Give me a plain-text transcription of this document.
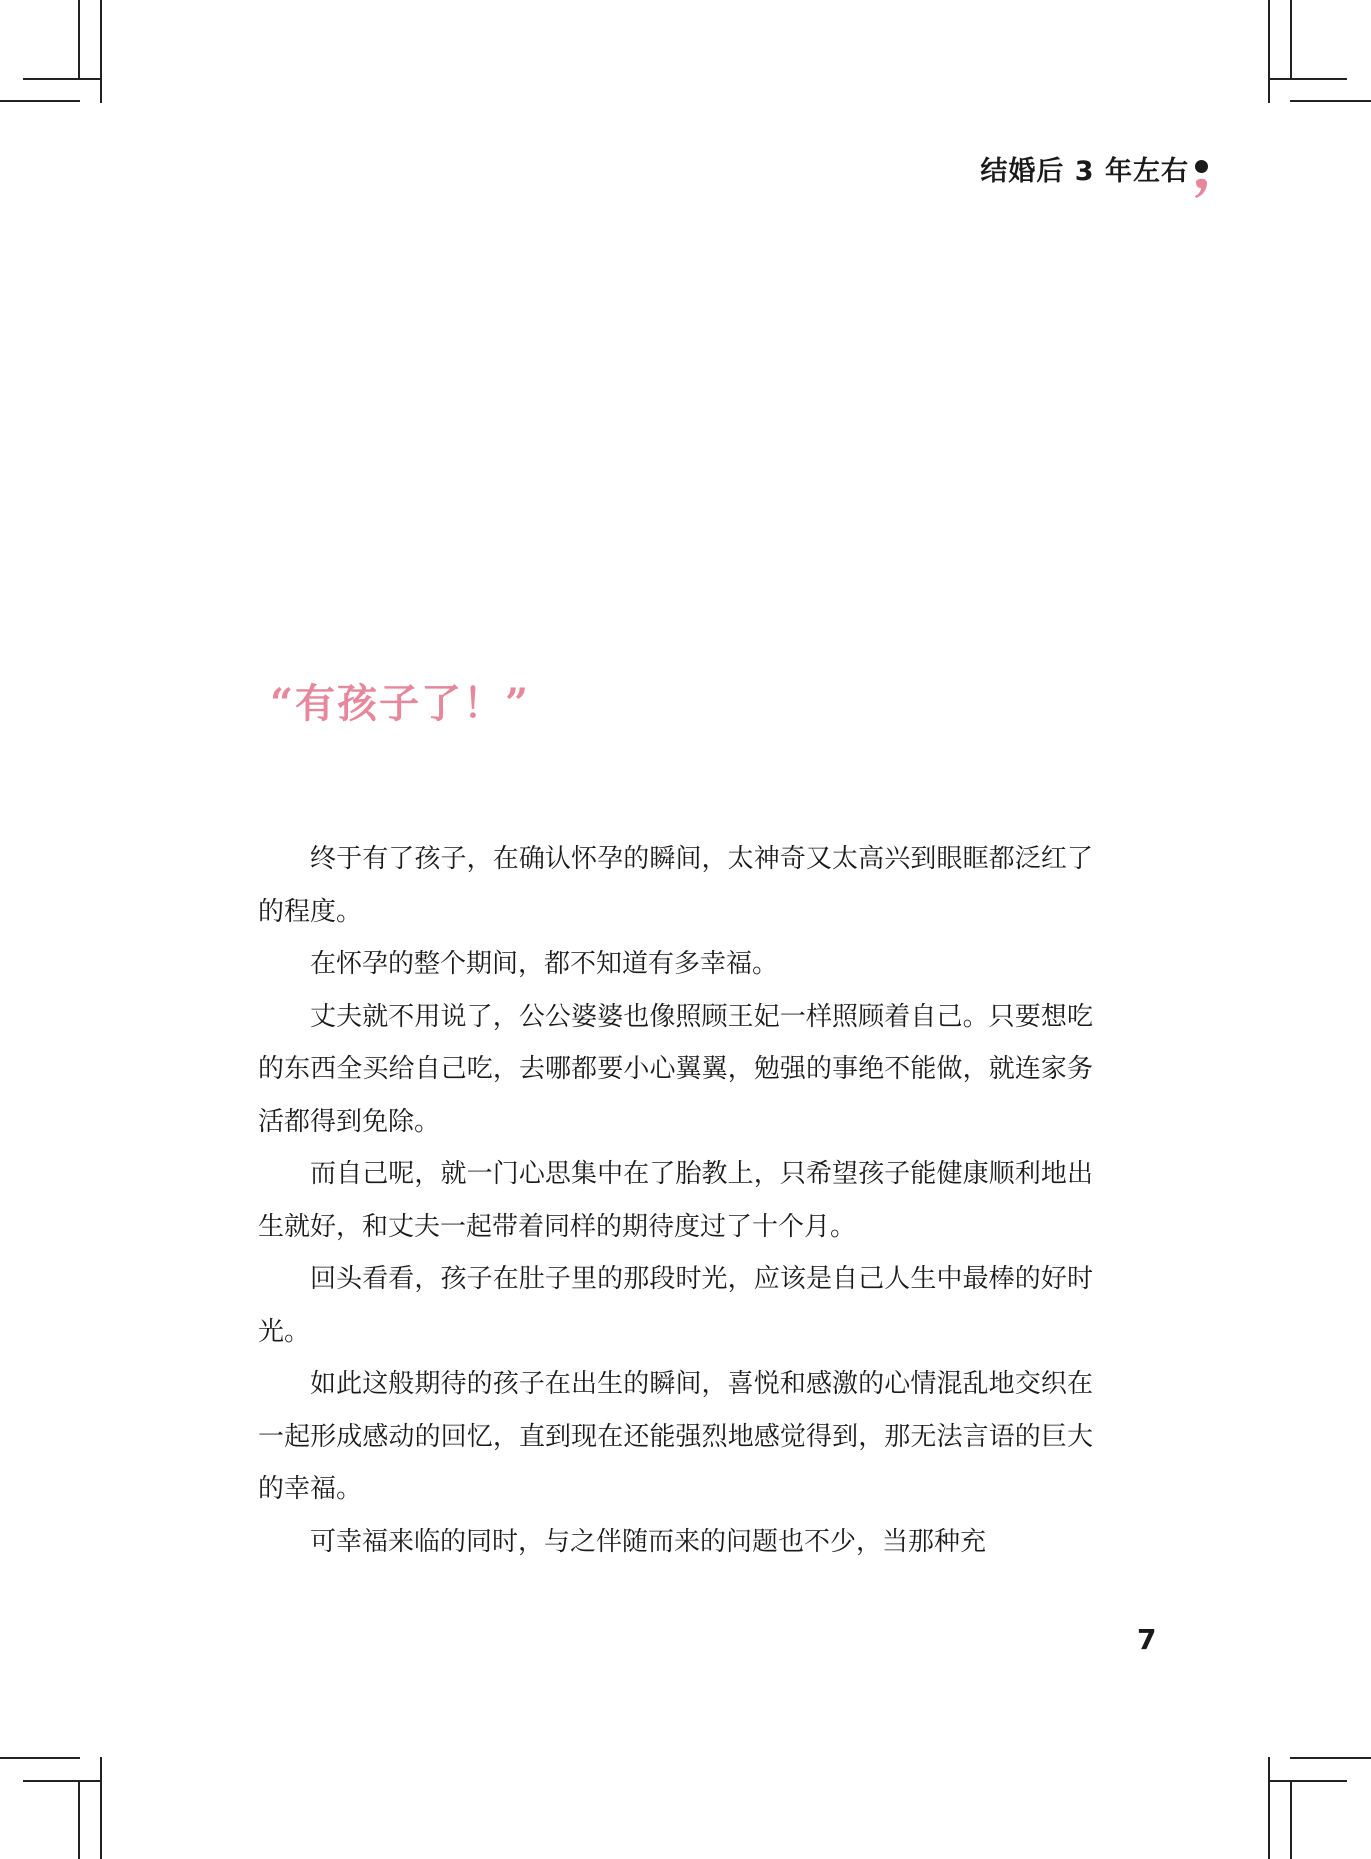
结婚后 3 年左右
“有孩子了！”

终于有了孩子，在确认怀孕的瞬间，太神奇又太高兴到眼眶都泛红了的程度。

在怀孕的整个期间，都不知道有多幸福。

丈夫就不用说了，公公婆婆也像照顾王妃一样照顾着自己。只要想吃的东西全买给自己吃，去哪都要小心翼翼，勉强的事绝不能做，就连家务活都得到免除。

而自己呢，就一门心思集中在了胎教上，只希望孩子能健康顺利地出生就好，和丈夫一起带着同样的期待度过了十个月。

回头看看，孩子在肚子里的那段时光，应该是自己人生中最棒的好时光。

如此这般期待的孩子在出生的瞬间，喜悦和感激的心情混乱地交织在一起形成感动的回忆，直到现在还能强烈地感觉得到，那无法言语的巨大的幸福。

可幸福来临的同时，与之伴随而来的问题也不少，当那种充

7
